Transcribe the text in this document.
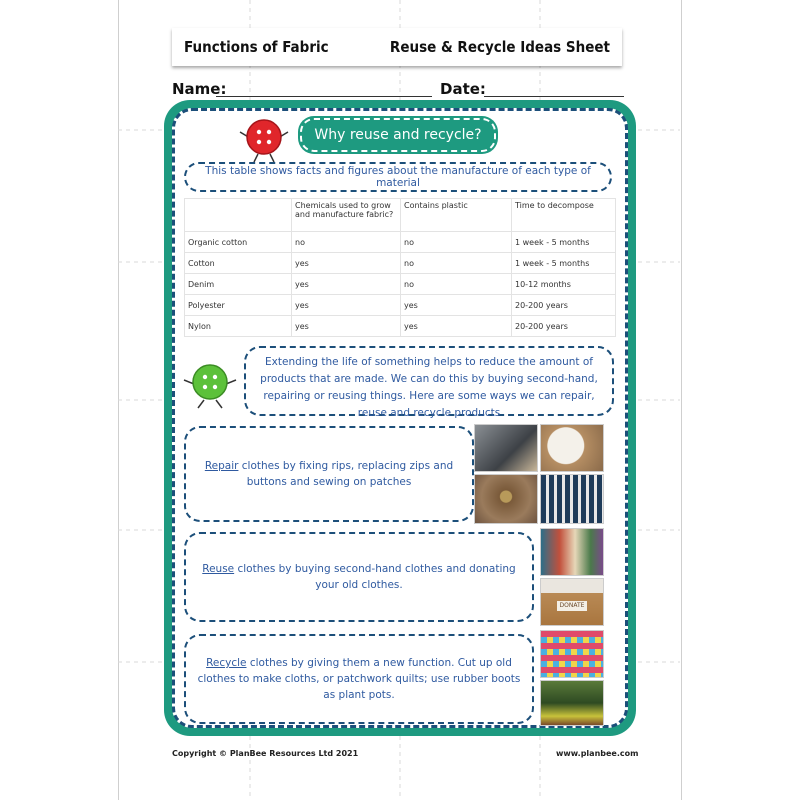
Functions of Fabric	Reuse & Recycle Ideas Sheet
Name:	Date:
Why reuse and recycle?
This table shows facts and figures about the manufacture of each type of material
	Chemicals used to grow and manufacture fabric?	Contains plastic	Time to decompose
Organic cotton	no	no	1 week - 5 months
Cotton	yes	no	1 week - 5 months
Denim	yes	no	10-12 months
Polyester	yes	yes	20-200 years
Nylon	yes	yes	20-200 years
Extending the life of something helps to reduce the amount of products that are made. We can do this by buying second-hand, repairing or reusing things. Here are some ways we can repair, reuse and recycle products
Repair clothes by fixing rips, replacing zips and buttons and sewing on patches
Reuse clothes by buying second-hand clothes and donating your old clothes.
Recycle clothes by giving them a new function. Cut up old clothes to make cloths, or patchwork quilts; use rubber boots as plant pots.
DONATE
Copyright © PlanBee Resources Ltd 2021	www.planbee.com
